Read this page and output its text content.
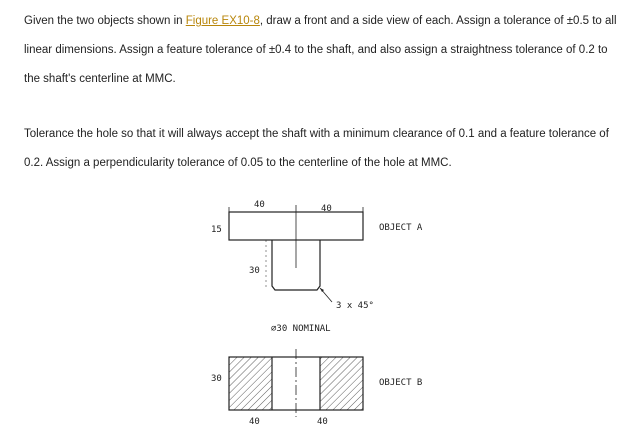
Given the two objects shown in Figure EX10-8, draw a front and a side view of each. Assign a tolerance of ±0.5 to all linear dimensions. Assign a feature tolerance of ±0.4 to the shaft, and also assign a straightness tolerance of 0.2 to the shaft's centerline at MMC.

Tolerance the hole so that it will always accept the shaft with a minimum clearance of 0.1 and a feature tolerance of 0.2. Assign a perpendicularity tolerance of 0.05 to the centerline of the hole at MMC.

40	40
15
30
3 x 45°
⌀30 NOMINAL
OBJECT A
30
40	40
OBJECT B
